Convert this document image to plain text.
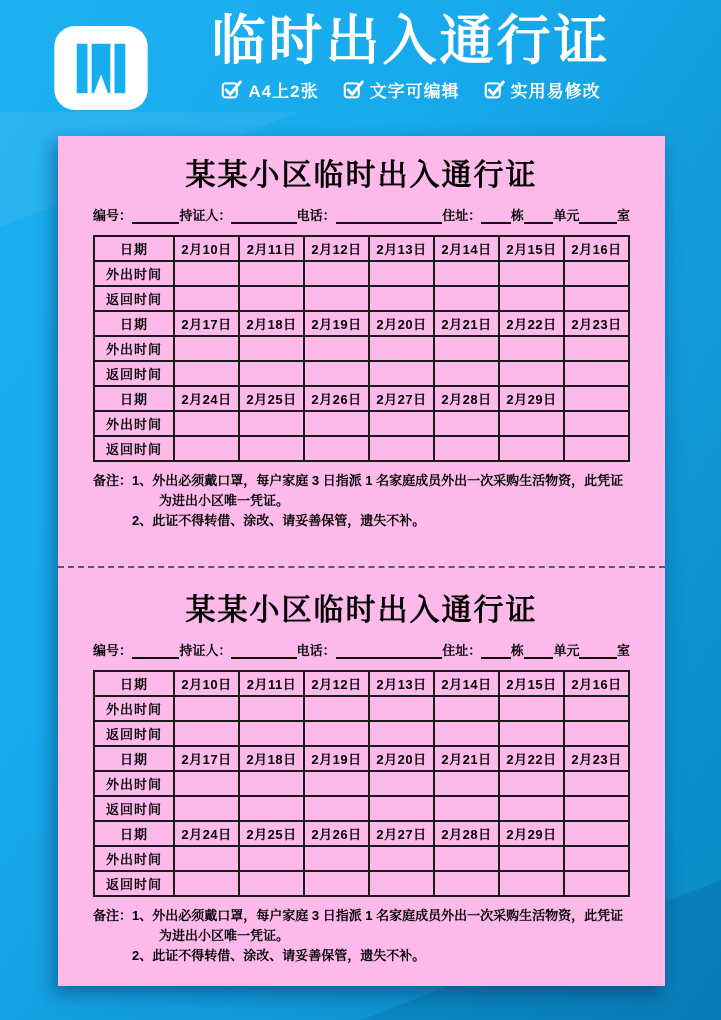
临时出入通行证
A4上2张	文字可编辑	实用易修改
某某小区临时出入通行证
编号：	持证人：	电话：	住址： 栋 单元	室
日期	2月10日	2月11日	2月12日	2月13日	2月14日	2月15日	2月16日
外出时间							
返回时间							
日期	2月17日	2月18日	2月19日	2月20日	2月21日	2月22日	2月23日
外出时间							
返回时间							
日期	2月24日	2月25日	2月26日	2月27日	2月28日	2月29日	
外出时间							
返回时间							
备注： 1、外出必须戴口罩，每户家庭 3 日指派 1 名家庭成员外出一次采购生活物资，此凭证为进出小区唯一凭证。
2、此证不得转借、涂改、请妥善保管，遗失不补。
某某小区临时出入通行证
编号：	持证人：	电话：	住址： 栋 单元	室
日期	2月10日	2月11日	2月12日	2月13日	2月14日	2月15日	2月16日
外出时间							
返回时间							
日期	2月17日	2月18日	2月19日	2月20日	2月21日	2月22日	2月23日
外出时间							
返回时间							
日期	2月24日	2月25日	2月26日	2月27日	2月28日	2月29日	
外出时间							
返回时间							
备注： 1、外出必须戴口罩，每户家庭 3 日指派 1 名家庭成员外出一次采购生活物资，此凭证为进出小区唯一凭证。
2、此证不得转借、涂改、请妥善保管，遗失不补。
